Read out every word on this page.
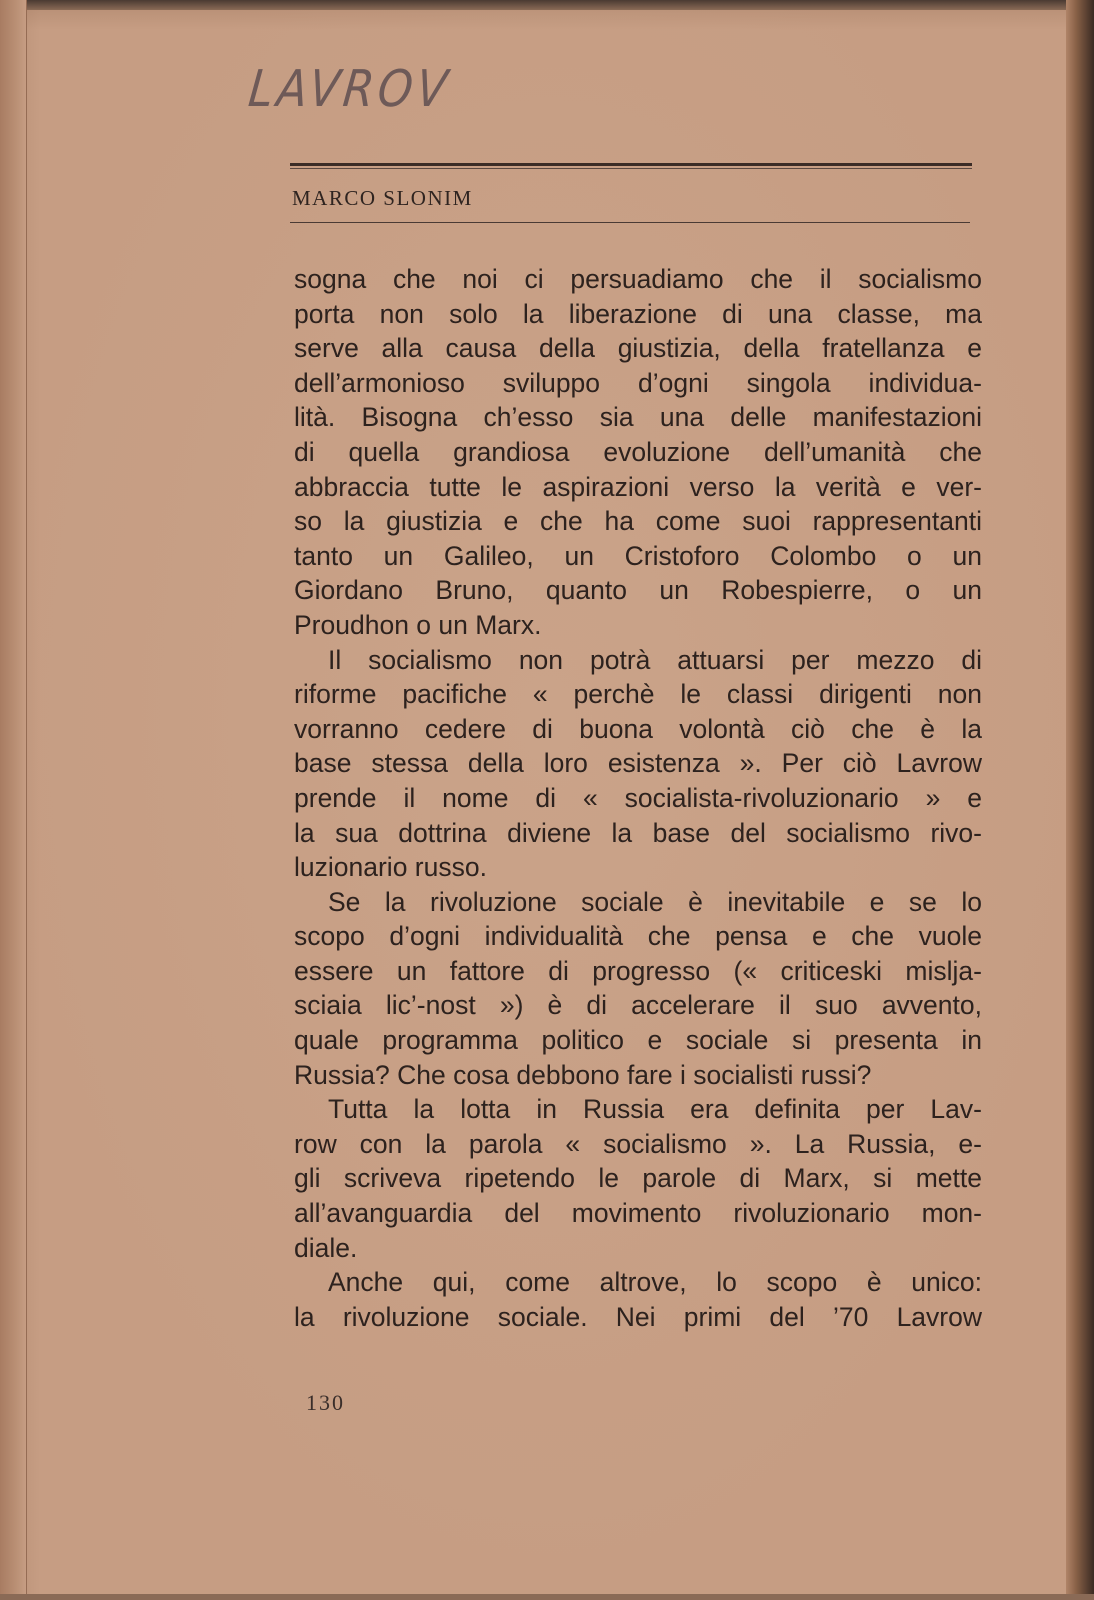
LAVROV
MARCO SLONIM
sogna che noi ci persuadiamo che il socialismo
porta non solo la liberazione di una classe, ma
serve alla causa della giustizia, della fratellanza e
dell’armonioso sviluppo d’ogni singola individua-
lità. Bisogna ch’esso sia una delle manifestazioni
di quella grandiosa evoluzione dell’umanità che
abbraccia tutte le aspirazioni verso la verità e ver-
so la giustizia e che ha come suoi rappresentanti
tanto un Galileo, un Cristoforo Colombo o un
Giordano Bruno, quanto un Robespierre, o un
Proudhon o un Marx.
Il socialismo non potrà attuarsi per mezzo di
riforme pacifiche « perchè le classi dirigenti non
vorranno cedere di buona volontà ciò che è la
base stessa della loro esistenza ». Per ciò Lavrow
prende il nome di « socialista-rivoluzionario » e
la sua dottrina diviene la base del socialismo rivo-
luzionario russo.
Se la rivoluzione sociale è inevitabile e se lo
scopo d’ogni individualità che pensa e che vuole
essere un fattore di progresso (« criticeski mislja-
sciaia lic’-nost ») è di accelerare il suo avvento,
quale programma politico e sociale si presenta in
Russia? Che cosa debbono fare i socialisti russi?
Tutta la lotta in Russia era definita per Lav-
row con la parola « socialismo ». La Russia, e-
gli scriveva ripetendo le parole di Marx, si mette
all’avanguardia del movimento rivoluzionario mon-
diale.
Anche qui, come altrove, lo scopo è unico:
la rivoluzione sociale. Nei primi del ’70 Lavrow
130
